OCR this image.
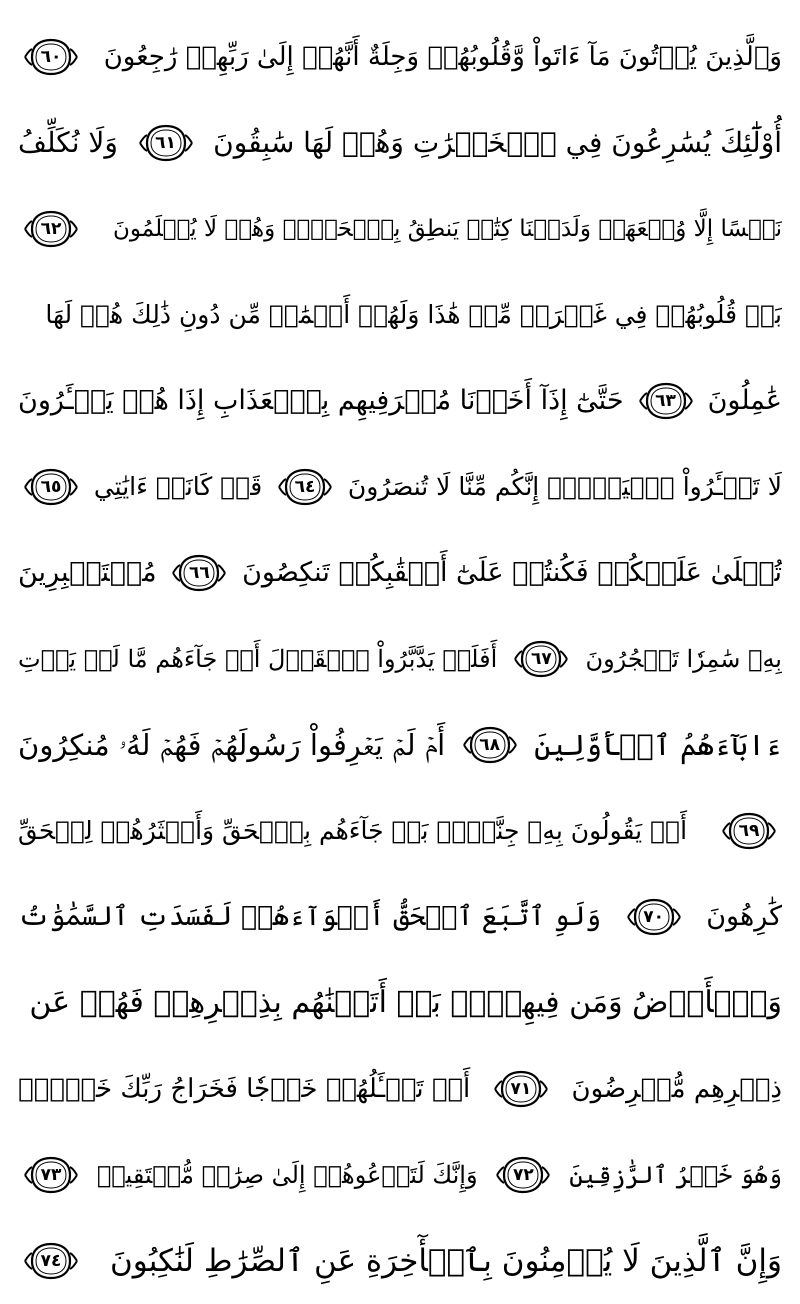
وَٱلَّذِينَ يُؤۡتُونَ مَآ ءَاتَواْ وَّقُلُوبُهُمۡ وَجِلَةٌ أَنَّهُمۡ إِلَىٰ رَبِّهِمۡ رَٰجِعُونَ
٦٠
أُوْلَٰٓئِكَ يُسَٰرِعُونَ فِي ٱلۡخَيۡرَٰتِ وَهُمۡ لَهَا سَٰبِقُونَ
٦١
وَلَا نُكَلِّفُ
نَفۡسًا إِلَّا وُسۡعَهَاۖ وَلَدَيۡنَا كِتَٰبٞ يَنطِقُ بِٱلۡحَقِّۚ وَهُمۡ لَا يُظۡلَمُونَ
٦٢
بَلۡ قُلُوبُهُمۡ فِي غَمۡرَةٖ مِّنۡ هَٰذَا وَلَهُمۡ أَعۡمَٰلٞ مِّن دُونِ ذَٰلِكَ هُمۡ لَهَا
عَٰمِلُونَ
٦٣
حَتَّىٰٓ إِذَآ أَخَذۡنَا مُتۡرَفِيهِم بِٱلۡعَذَابِ إِذَا هُمۡ يَجۡـَٔرُونَ
لَا تَجۡـَٔرُواْ ٱلۡيَوۡمَۖ إِنَّكُم مِّنَّا لَا تُنصَرُونَ
٦٤
قَدۡ كَانَتۡ ءَايَٰتِي
٦٥
تُتۡلَىٰ عَلَيۡكُمۡ فَكُنتُمۡ عَلَىٰٓ أَعۡقَٰبِكُمۡ تَنكِصُونَ
٦٦
مُسۡتَكۡبِرِينَ
بِهِۦ سَٰمِرٗا تَهۡجُرُونَ
٦٧
أَفَلَمۡ يَدَّبَّرُواْ ٱلۡقَوۡلَ أَمۡ جَآءَهُم مَّا لَمۡ يَأۡتِ
ءَابَآءَهُمُ ٱلۡأَوَّلِينَ
٦٨
أَمۡ لَمۡ يَعۡرِفُواْ رَسُولَهُمۡ فَهُمۡ لَهُۥ مُنكِرُونَ
٦٩
أَمۡ يَقُولُونَ بِهِۦ جِنَّةُۢۚ بَلۡ جَآءَهُم بِٱلۡحَقِّ وَأَكۡثَرُهُمۡ لِلۡحَقِّ
كَٰرِهُونَ
٧٠
وَلَوِ ٱتَّبَعَ ٱلۡحَقُّ أَهۡوَآءَهُمۡ لَفَسَدَتِ ٱلسَّمَٰوَٰتُ
وَٱلۡأَرۡضُ وَمَن فِيهِنَّۚ بَلۡ أَتَيۡنَٰهُم بِذِكۡرِهِمۡ فَهُمۡ عَن
ذِكۡرِهِم مُّعۡرِضُونَ
٧١
أَمۡ تَسۡـَٔلُهُمۡ خَرۡجٗا فَخَرَاجُ رَبِّكَ خَيۡرٞۖ
وَهُوَ خَيۡرُ ٱلرَّٰزِقِينَ
٧٢
وَإِنَّكَ لَتَدۡعُوهُمۡ إِلَىٰ صِرَٰطٖ مُّسۡتَقِيمٖ
٧٣
وَإِنَّ ٱلَّذِينَ لَا يُؤۡمِنُونَ بِٱلۡأٓخِرَةِ عَنِ ٱلصِّرَٰطِ لَنَٰكِبُونَ
٧٤
